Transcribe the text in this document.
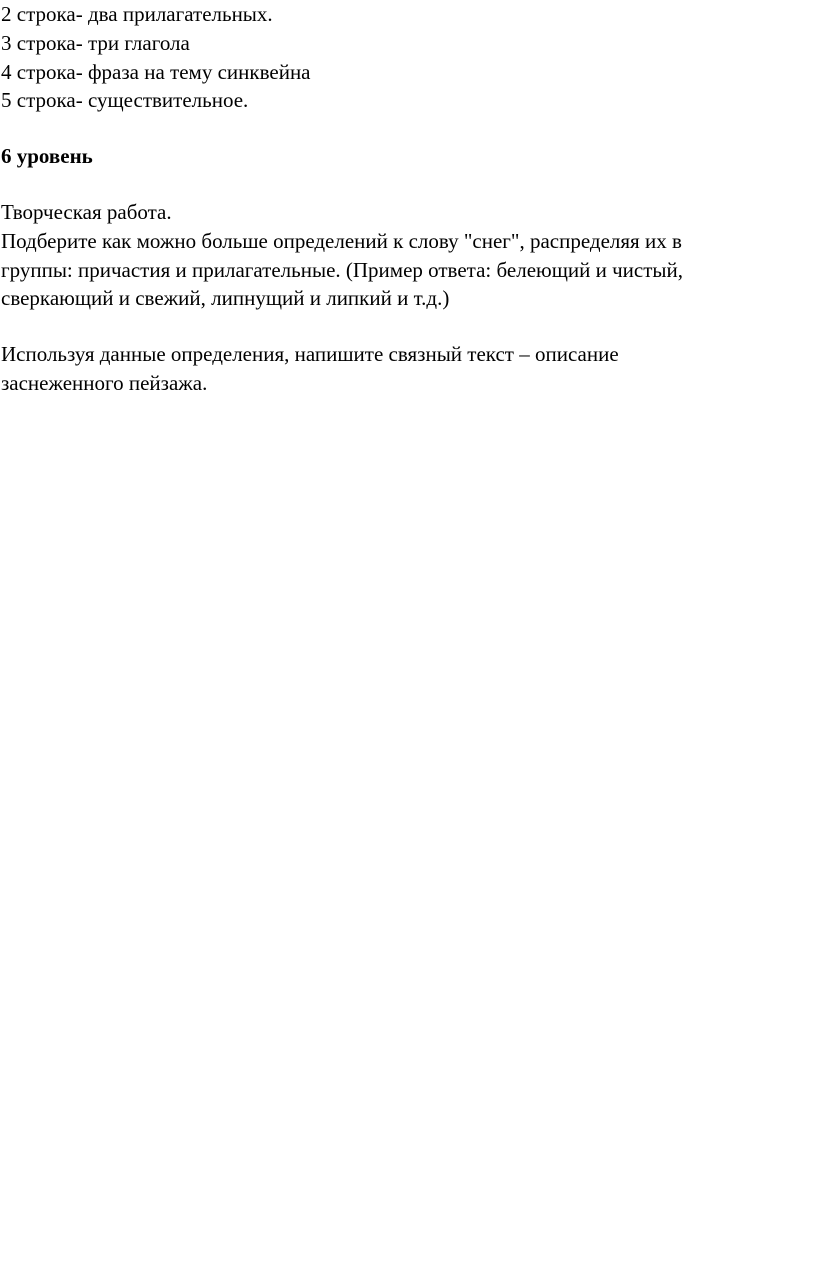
2 строка- два прилагательных.
3 строка- три глагола
4 строка- фраза на тему синквейна
5 строка- существительное.
6 уровень
Творческая работа.
Подберите как можно больше определений к слову "снег", распределяя их в
группы: причастия и прилагательные. (Пример ответа: белеющий и чистый,
сверкающий и свежий, липнущий и липкий и т.д.)
Используя данные определения, напишите связный текст – описание
заснеженного пейзажа.
